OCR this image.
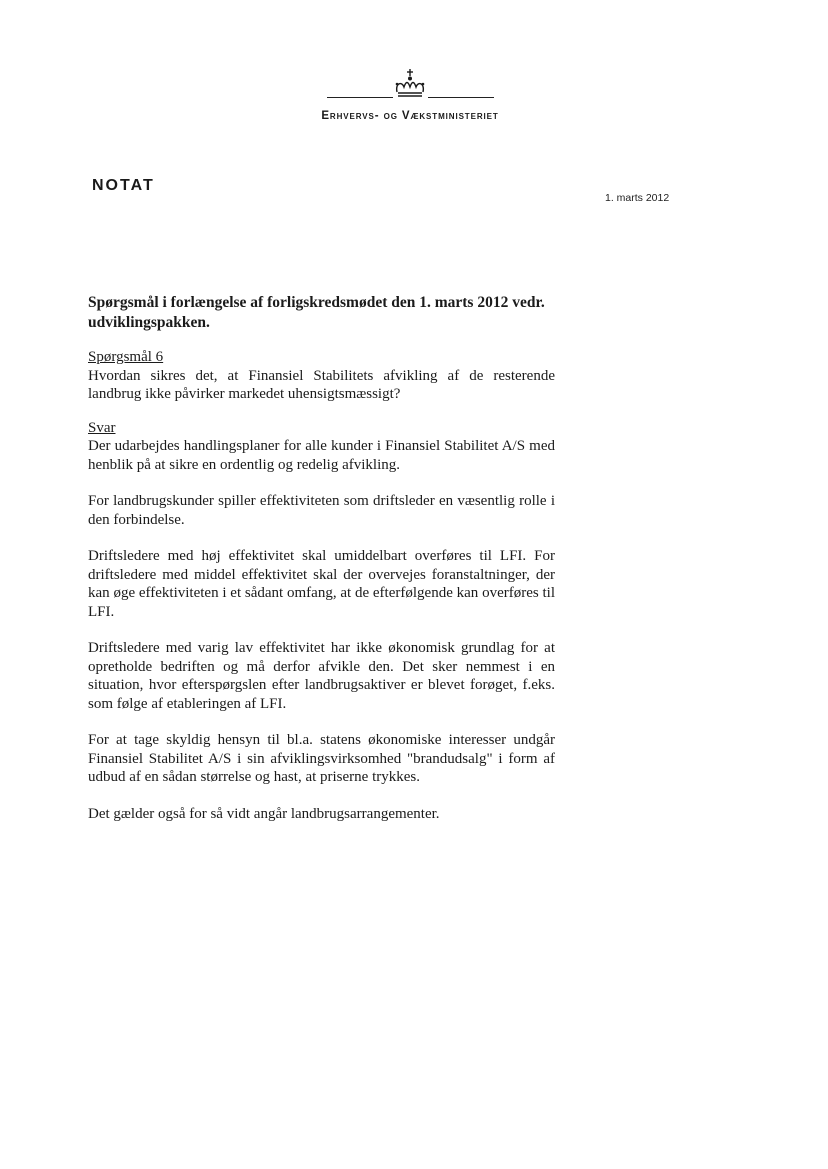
Erhvervs- og Vækstministeriet
NOTAT
1. marts 2012

Spørgsmål i forlængelse af forligskredsmødet den 1. marts 2012 vedr. udviklingspakken.

Spørgsmål 6

Hvordan sikres det, at Finansiel Stabilitets afvikling af de resterende landbrug ikke påvirker markedet uhensigtsmæssigt?

Svar

Der udarbejdes handlingsplaner for alle kunder i Finansiel Stabilitet A/S med henblik på at sikre en ordentlig og redelig afvikling.

For landbrugskunder spiller effektiviteten som driftsleder en væsentlig rolle i den forbindelse.

Driftsledere med høj effektivitet skal umiddelbart overføres til LFI. For driftsledere med middel effektivitet skal der overvejes foranstaltninger, der kan øge effektiviteten i et sådant omfang, at de efterfølgende kan overføres til LFI.

Driftsledere med varig lav effektivitet har ikke økonomisk grundlag for at opretholde bedriften og må derfor afvikle den. Det sker nemmest i en situation, hvor efterspørgslen efter landbrugsaktiver er blevet forøget, f.eks. som følge af etableringen af LFI.

For at tage skyldig hensyn til bl.a. statens økonomiske interesser undgår Finansiel Stabilitet A/S i sin afviklingsvirksomhed "brandudsalg" i form af udbud af en sådan størrelse og hast, at priserne trykkes.

Det gælder også for så vidt angår landbrugsarrangementer.
